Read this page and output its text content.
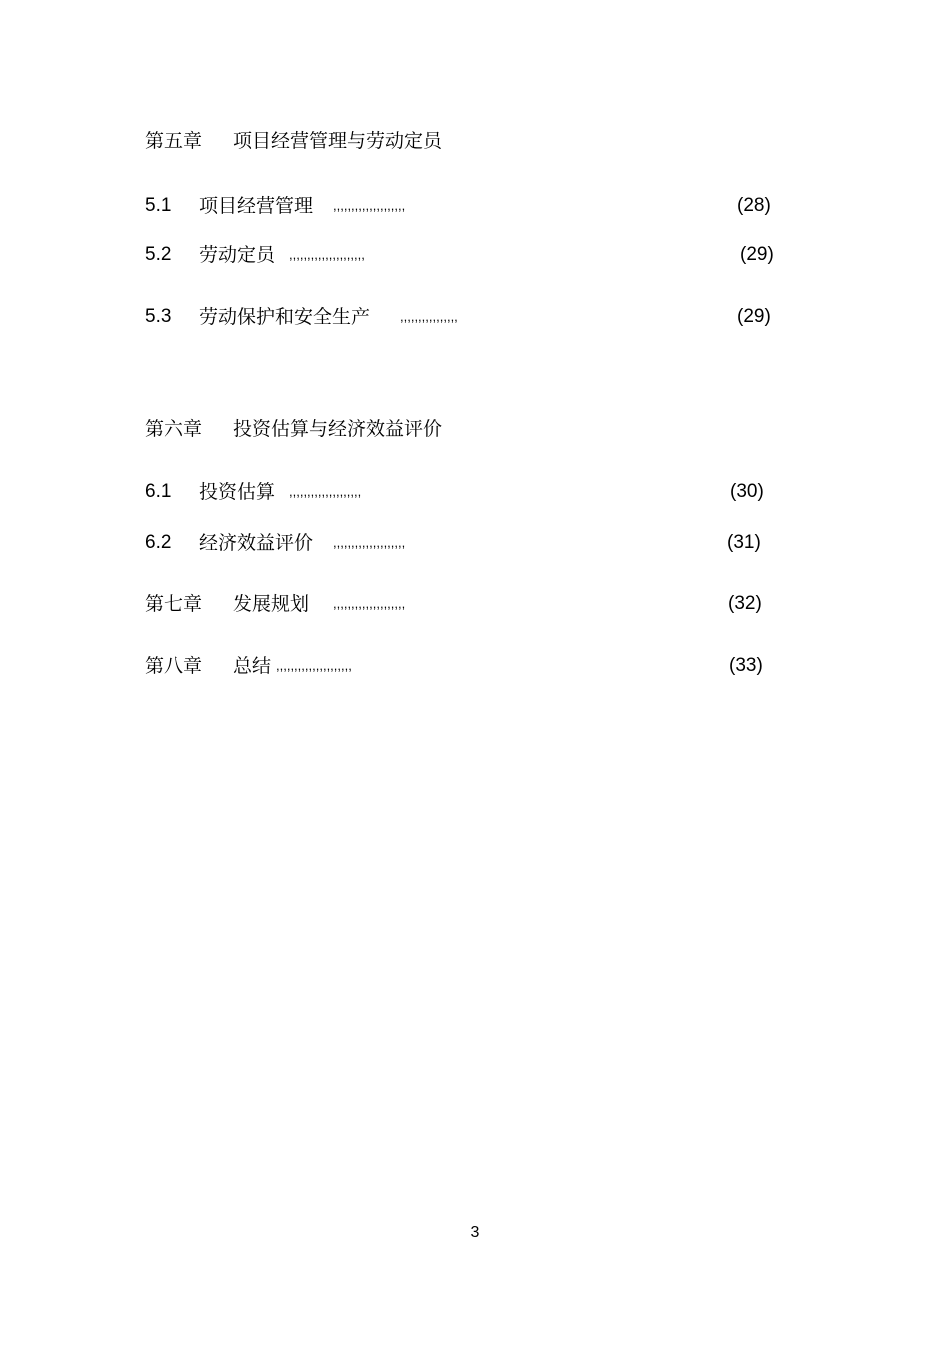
第五章 项目经营管理与劳动定员
5.1 项目经营管理 ,,,,,,,,,,,,,,,,,,,,	(28)
5.2 劳动定员 ,,,,,,,,,,,,,,,,,,,,,	(29)
5.3 劳动保护和安全生产 ,,,,,,,,,,,,,,,,	(29)
第六章 投资估算与经济效益评价
6.1 投资估算 ,,,,,,,,,,,,,,,,,,,,	(30)
6.2 经济效益评价 ,,,,,,,,,,,,,,,,,,,,	(31)
第七章 发展规划 ,,,,,,,,,,,,,,,,,,,,	(32)
第八章 总结 ,,,,,,,,,,,,,,,,,,,,,	(33)
3
